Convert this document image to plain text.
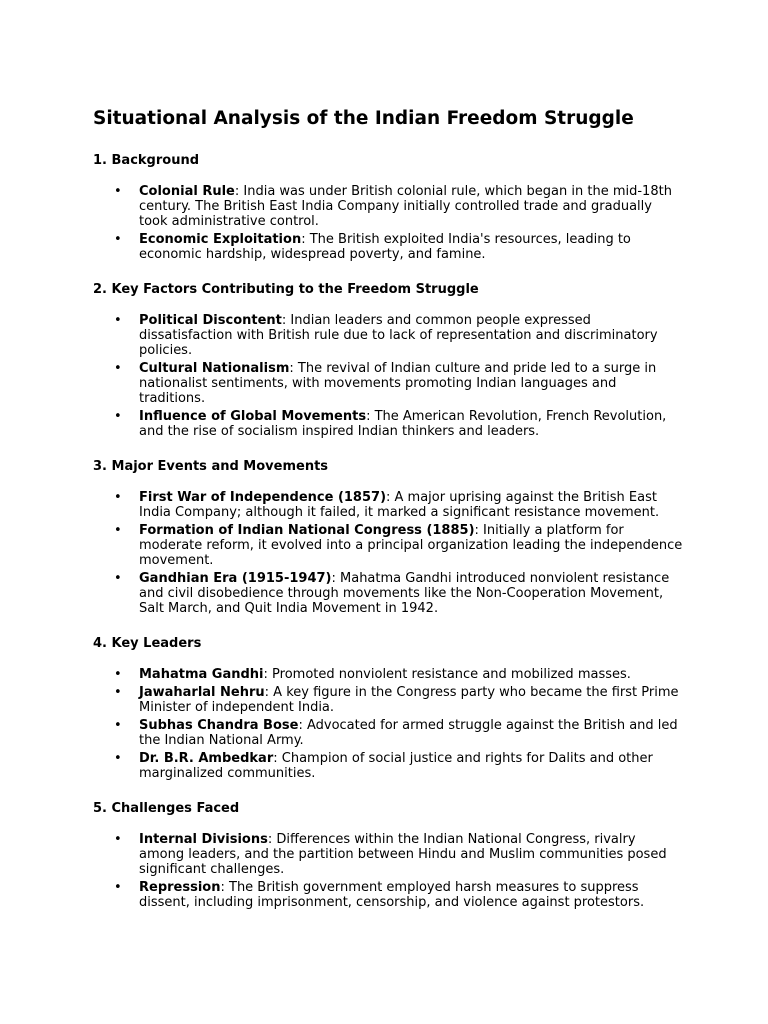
Situational Analysis of the Indian Freedom Struggle
1. Background
• Colonial Rule: India was under British colonial rule, which began in the mid-18th century. The British East India Company initially controlled trade and gradually took administrative control.
• Economic Exploitation: The British exploited India's resources, leading to economic hardship, widespread poverty, and famine.
2. Key Factors Contributing to the Freedom Struggle
• Political Discontent: Indian leaders and common people expressed dissatisfaction with British rule due to lack of representation and discriminatory policies.
• Cultural Nationalism: The revival of Indian culture and pride led to a surge in nationalist sentiments, with movements promoting Indian languages and traditions.
• Influence of Global Movements: The American Revolution, French Revolution, and the rise of socialism inspired Indian thinkers and leaders.
3. Major Events and Movements
• First War of Independence (1857): A major uprising against the British East India Company; although it failed, it marked a significant resistance movement.
• Formation of Indian National Congress (1885): Initially a platform for moderate reform, it evolved into a principal organization leading the independence movement.
• Gandhian Era (1915-1947): Mahatma Gandhi introduced nonviolent resistance and civil disobedience through movements like the Non-Cooperation Movement, Salt March, and Quit India Movement in 1942.
4. Key Leaders
• Mahatma Gandhi: Promoted nonviolent resistance and mobilized masses.
• Jawaharlal Nehru: A key figure in the Congress party who became the first Prime Minister of independent India.
• Subhas Chandra Bose: Advocated for armed struggle against the British and led the Indian National Army.
• Dr. B.R. Ambedkar: Champion of social justice and rights for Dalits and other marginalized communities.
5. Challenges Faced
• Internal Divisions: Differences within the Indian National Congress, rivalry among leaders, and the partition between Hindu and Muslim communities posed significant challenges.
• Repression: The British government employed harsh measures to suppress dissent, including imprisonment, censorship, and violence against protestors.
